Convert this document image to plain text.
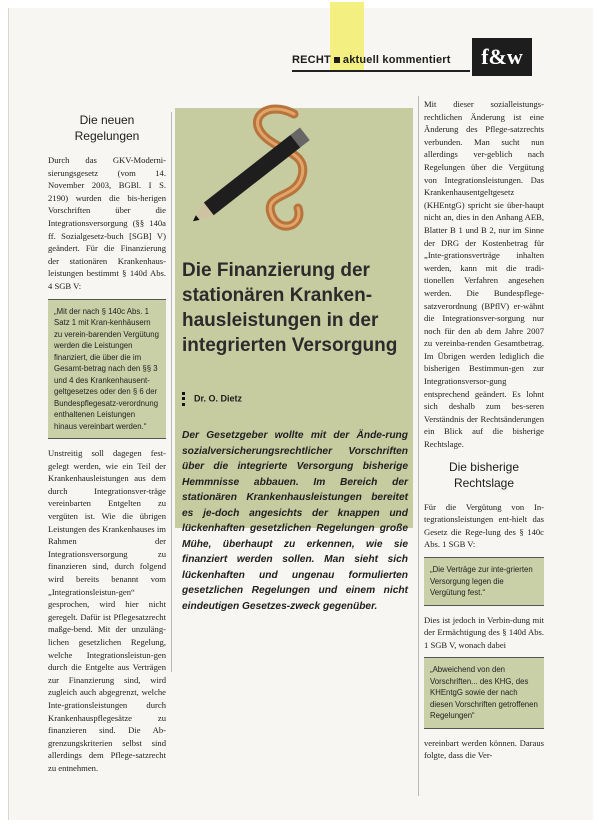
RECHT aktuell kommentiert	f&w
Die neuen Regelungen

Durch das GKV-Moderni-sierungsgesetz (vom 14. November 2003, BGBl. I S. 2190) wurden die bis-herigen Vorschriften über die Integrationsversorgung (§§ 140a ff. Sozialgesetz-buch [SGB] V) geändert. Für die Finanzierung der stationären Krankenhaus-leistungen bestimmt § 140d Abs. 4 SGB V:

„Mit der nach § 140c Abs. 1 Satz 1 mit Kran-kenhäusern zu verein-barenden Vergütung werden die Leistungen finanziert, die über die im Gesamt-betrag nach den §§ 3 und 4 des Krankenhausent-geltgesetzes oder den § 6 der Bundespflegesatz-verordnung enthaltenen Leistungen hinaus vereinbart werden.“

Unstreitig soll dagegen fest-gelegt werden, wie ein Teil der Krankenhausleistungen aus dem durch Integrationsver-träge vereinbarten Entgelten zu vergüten ist. Wie die übrigen Leistungen des Krankenhauses im Rahmen der Integrationsversorgung zu finanzieren sind, durch folgend wird bereits benannt vom „Integrationsleistun-gen“ gesprochen, wird hier nicht geregelt. Dafür ist Pflegesatzrecht maßge-bend. Mit der unzuläng-lichen gesetzlichen Regelung, welche Integrationsleistun-gen durch die Entgelte aus Verträgen zur Finanzierung sind, wird zugleich auch abgegrenzt, welche Inte-grationsleistungen durch Krankenhauspflegesätze zu finanzieren sind. Die Ab-grenzungskriterien selbst sind allerdings dem Pflege-satzrecht zu entnehmen.

Die Finanzierung der stationären Kranken-hausleistungen in der integrierten Versorgung
Dr. O. Dietz
Der Gesetzgeber wollte mit der Ände-rung sozialversicherungsrechtlicher Vorschriften über die integrierte Versorgung bisherige Hemmnisse abbauen. Im Bereich der stationären Krankenhausleistungen bereitet es je-doch angesichts der knappen und lückenhaften gesetzlichen Regelungen große Mühe, überhaupt zu erkennen, wie sie finanziert werden sollen. Man sieht sich lückenhaften und ungenau formulierten gesetzlichen Regelungen und einem nicht eindeutigen Gesetzes-zweck gegenüber.

Mit dieser sozialleistungs-rechtlichen Änderung ist eine Änderung des Pflege-satzrechts verbunden. Man sucht nun allerdings ver-geblich nach Regelungen über die Vergütung von Integrationsleistungen. Das Krankenhausentgeltgesetz (KHEntgG) spricht sie über-haupt nicht an, dies in den Anhang AEB, Blatter B 1 und B 2, nur im Sinne der DRG der Kostenbetrag für „Inte-grationsverträge inhalten werden, kann mit die tradi-tionellen Verfahren angesehen werden. Die Bundespflege-satzverordnung (BPflV) er-wähnt die Integrationsver-sorgung nur noch für den ab dem Jahre 2007 zu vereinba-renden Gesamtbetrag. Im Übrigen werden lediglich die bisherigen Bestimmun-gen zur Integrationsversor-gung entsprechend geändert. Es lohnt sich deshalb zum bes-seren Verständnis der Rechtsänderungen ein Blick auf die bisherige Rechtslage.

Die bisherige Rechtslage

Für die Vergütung von In-tegrationsleistungen ent-hielt das Gesetz die Rege-lung des § 140c Abs. 1 SGB V:

„Die Verträge zur inte-grierten Versorgung legen die Vergütung fest.“

Dies ist jedoch in Verbin-dung mit der Ermächtigung des § 140d Abs. 1 SGB V, wonach dabei

„Abweichend von den Vorschriften... des KHG, des KHEntgG sowie der nach diesen Vorschriften getroffenen Regelungen“

vereinbart werden können. Daraus folgte, dass die Ver-
